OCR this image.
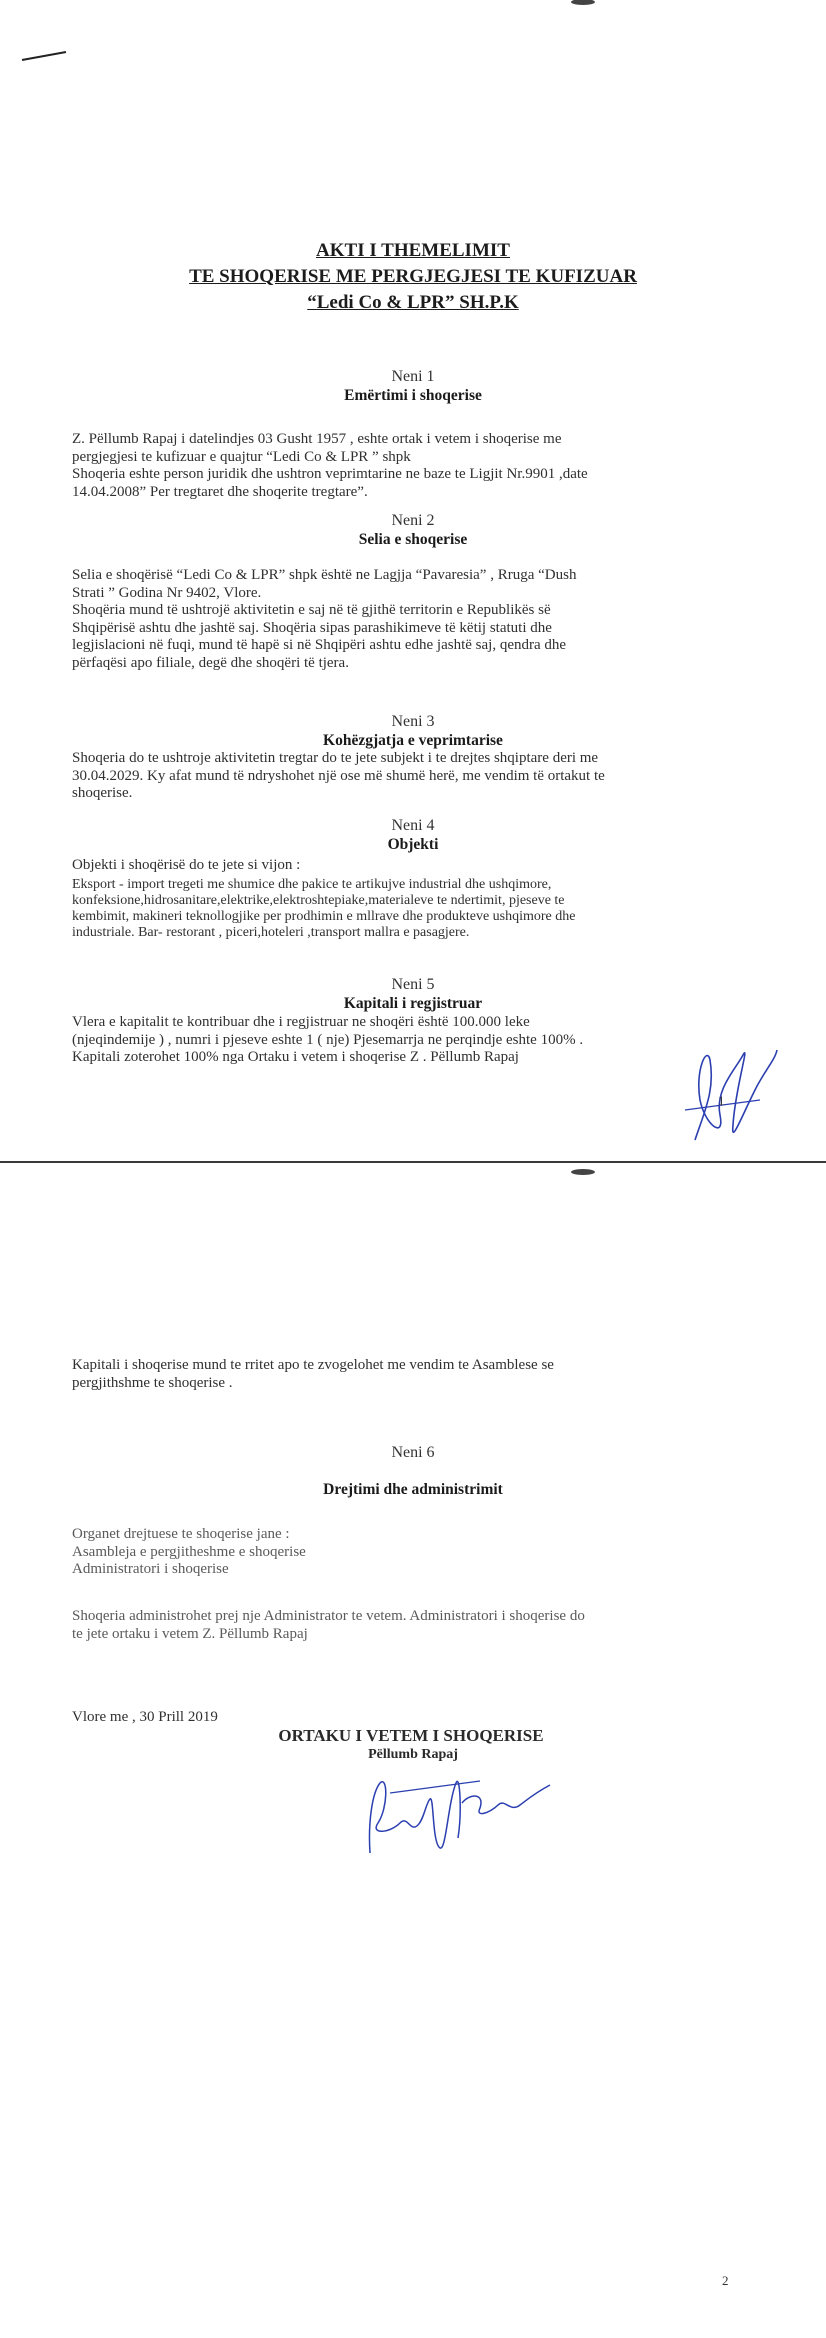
AKTI I THEMELIMIT
TE SHOQERISE ME PERGJEGJESI TE KUFIZUAR
“Ledi Co & LPR” SH.P.K
Neni 1
Emërtimi i shoqerise
Z. Pëllumb Rapaj i datelindjes 03 Gusht 1957 , eshte ortak i vetem i shoqerise me
pergjegjesi te kufizuar e quajtur “Ledi Co & LPR ” shpk
Shoqeria eshte person juridik dhe ushtron veprimtarine ne baze te Ligjit Nr.9901 ,date
14.04.2008” Per tregtaret dhe shoqerite tregtare”.
Neni 2
Selia e shoqerise
Selia e shoqërisë “Ledi Co & LPR” shpk është ne Lagjja “Pavaresia” , Rruga “Dush
Strati ” Godina Nr 9402, Vlore.
Shoqëria mund të ushtrojë aktivitetin e saj në të gjithë territorin e Republikës së
Shqipërisë ashtu dhe jashtë saj. Shoqëria sipas parashikimeve të këtij statuti dhe
legjislacioni në fuqi, mund të hapë si në Shqipëri ashtu edhe jashtë saj, qendra dhe
përfaqësi apo filiale, degë dhe shoqëri të tjera.
Neni 3
Kohëzgjatja e veprimtarise
Shoqeria do te ushtroje aktivitetin tregtar do te jete subjekt i te drejtes shqiptare deri me
30.04.2029. Ky afat mund të ndryshohet një ose më shumë herë, me vendim të ortakut te
shoqerise.
Neni 4
Objekti
Objekti i shoqërisë do te jete si vijon :
Eksport - import tregeti me shumice dhe pakice te artikujve industrial dhe ushqimore,
konfeksione,hidrosanitare,elektrike,elektroshtepiake,materialeve te ndertimit, pjeseve te
kembimit, makineri teknollogjike per prodhimin e mllrave dhe produkteve ushqimore dhe
industriale. Bar- restorant , piceri,hoteleri ,transport mallra e pasagjere.
Neni 5
Kapitali i regjistruar
Vlera e kapitalit te kontribuar dhe i regjistruar ne shoqëri është 100.000 leke
(njeqindemije ) , numri i pjeseve eshte 1 ( nje) Pjesemarrja ne perqindje eshte 100% .
Kapitali zoterohet 100% nga Ortaku i vetem i shoqerise Z . Pëllumb Rapaj
1
Kapitali i shoqerise mund te rritet apo te zvogelohet me vendim te Asamblese se
pergjithshme te shoqerise .
Neni 6
Drejtimi dhe administrimit
Organet drejtuese te shoqerise jane :
Asambleja e pergjitheshme e shoqerise
Administratori i shoqerise
Shoqeria administrohet prej nje Administrator te vetem. Administratori i shoqerise do
te jete ortaku i vetem Z. Pëllumb Rapaj
Vlore me , 30 Prill 2019
ORTAKU I VETEM I SHOQERISE
Pëllumb Rapaj
2
